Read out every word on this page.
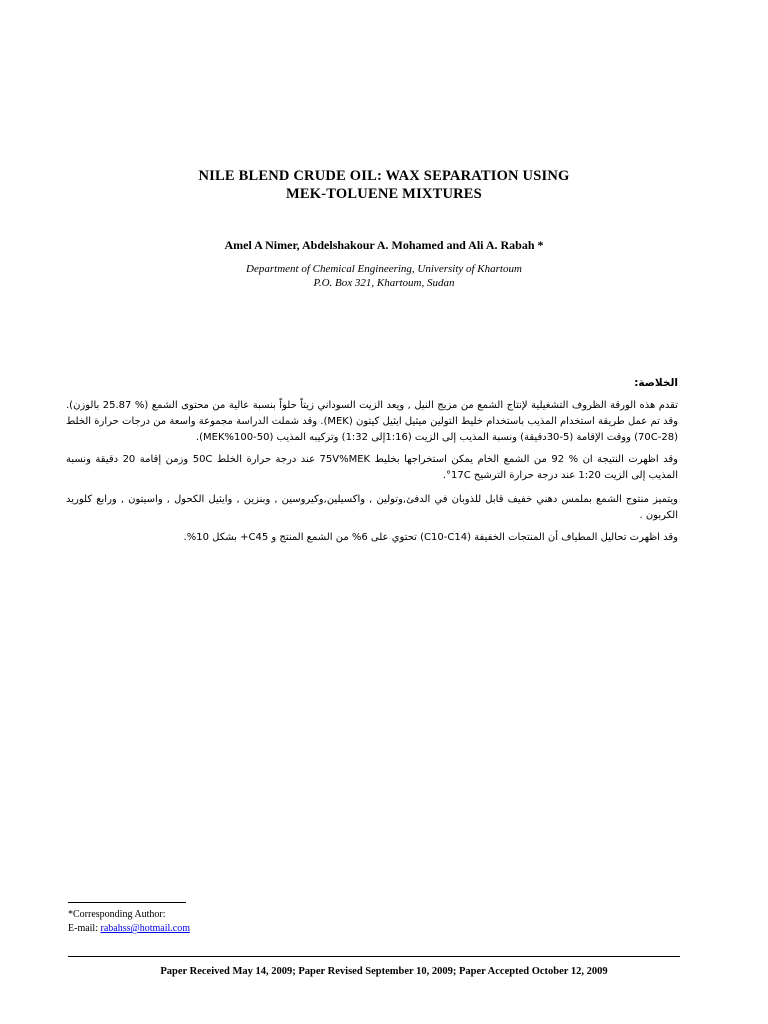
NILE BLEND CRUDE OIL: WAX SEPARATION USING
MEK-TOLUENE MIXTURES
Amel A Nimer, Abdelshakour A. Mohamed and Ali A. Rabah *
Department of Chemical Engineering, University of Khartoum
P.O. Box 321, Khartoum, Sudan
الخلاصة:

تقدم هذه الورقة الظروف التشغيلية لإنتاج الشمع من مزيج النيل , ويعد الزيت السوداني زيتاً حلواً بنسبة عالية من محتوى الشمع (% 25.87 بالوزن). وقد تم عمل طريقة استخدام المذيب باستخدام خليط التولين ميثيل ايثيل كيتون (MEK). وقد شملت الدراسة مجموعة واسعة من درجات حرارة الخلط (28-70C) ووقت الإقامة (5-30دقيقة) ونسبة المذيب إلى الزيت (1:16إلى 1:32) وتركيبه المذيب (50-100%MEK).

وقد اظهرت النتيجة ان % 92 من الشمع الخام يمكن استخراجها بخليط 75V%MEK عند درجة حرارة الخلط 50C وزمن إقامة 20 دقيقة ونسبة المذيب إلى الزيت 1:20 عند درجة حرارة الترشيح 17C°.

ويتميز منتوج الشمع بملمس دهني خفيف قابل للذوبان في الدفئ,وتولين , واكسيلين,وكيروسين , وبنزين , وايثيل الكحول , واسيتون , ورابع كلوريد الكربون .

وقد اظهرت تحاليل المطياف أن المنتجات الخفيفة (C10-C14) تحتوي على 6% من الشمع المنتج و C45+ بشكل 10%.

*Corresponding Author:
E-mail: rabahss@hotmail.com
Paper Received May 14, 2009; Paper Revised September 10, 2009; Paper Accepted October 12, 2009
